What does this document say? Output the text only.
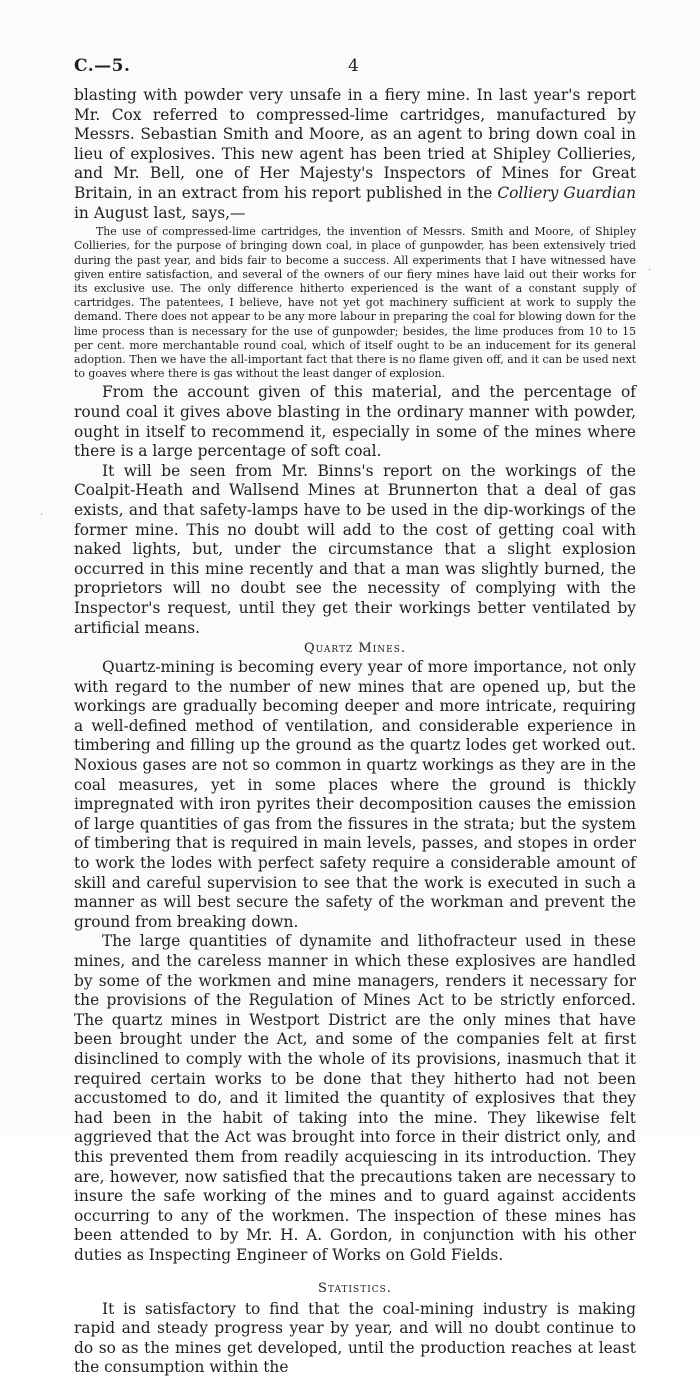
C.—5.	4

blasting with powder very unsafe in a fiery mine. In last year's report Mr. Cox referred to compressed-lime cartridges, manufactured by Messrs. Sebastian Smith and Moore, as an agent to bring down coal in lieu of explosives. This new agent has been tried at Shipley Collieries, and Mr. Bell, one of Her Majesty's Inspectors of Mines for Great Britain, in an extract from his report published in the Colliery Guardian in August last, says,—

The use of compressed-lime cartridges, the invention of Messrs. Smith and Moore, of Shipley Collieries, for the purpose of bringing down coal, in place of gunpowder, has been extensively tried during the past year, and bids fair to become a success. All experiments that I have witnessed have given entire satisfaction, and several of the owners of our fiery mines have laid out their works for its exclusive use. The only difference hitherto experienced is the want of a constant supply of cartridges. The patentees, I believe, have not yet got machinery sufficient at work to supply the demand. There does not appear to be any more labour in preparing the coal for blowing down for the lime process than is necessary for the use of gunpowder; besides, the lime produces from 10 to 15 per cent. more merchantable round coal, which of itself ought to be an inducement for its general adoption. Then we have the all-important fact that there is no flame given off, and it can be used next to goaves where there is gas without the least danger of explosion.

From the account given of this material, and the percentage of round coal it gives above blasting in the ordinary manner with powder, ought in itself to recommend it, especially in some of the mines where there is a large percentage of soft coal.

It will be seen from Mr. Binns's report on the workings of the Coalpit-Heath and Wallsend Mines at Brunnerton that a deal of gas exists, and that safety-lamps have to be used in the dip-workings of the former mine. This no doubt will add to the cost of getting coal with naked lights, but, under the circumstance that a slight explosion occurred in this mine recently and that a man was slightly burned, the proprietors will no doubt see the necessity of complying with the Inspector's request, until they get their workings better ventilated by artificial means.

Quartz Mines.

Quartz-mining is becoming every year of more importance, not only with regard to the number of new mines that are opened up, but the workings are gradually becoming deeper and more intricate, requiring a well-defined method of ventilation, and considerable experience in timbering and filling up the ground as the quartz lodes get worked out. Noxious gases are not so common in quartz workings as they are in the coal measures, yet in some places where the ground is thickly impregnated with iron pyrites their decomposition causes the emission of large quantities of gas from the fissures in the strata; but the system of timbering that is required in main levels, passes, and stopes in order to work the lodes with perfect safety require a considerable amount of skill and careful supervision to see that the work is executed in such a manner as will best secure the safety of the workman and prevent the ground from breaking down.

The large quantities of dynamite and lithofracteur used in these mines, and the careless manner in which these explosives are handled by some of the workmen and mine managers, renders it necessary for the provisions of the Regulation of Mines Act to be strictly enforced. The quartz mines in Westport District are the only mines that have been brought under the Act, and some of the companies felt at first disinclined to comply with the whole of its provisions, inasmuch that it required certain works to be done that they hitherto had not been accustomed to do, and it limited the quantity of explosives that they had been in the habit of taking into the mine. They likewise felt aggrieved that the Act was brought into force in their district only, and this prevented them from readily acquiescing in its introduction. They are, however, now satisfied that the precautions taken are necessary to insure the safe working of the mines and to guard against accidents occurring to any of the workmen. The inspection of these mines has been attended to by Mr. H. A. Gordon, in conjunction with his other duties as Inspecting Engineer of Works on Gold Fields.

Statistics.

It is satisfactory to find that the coal-mining industry is making rapid and steady progress year by year, and will no doubt continue to do so as the mines get developed, until the production reaches at least the consumption within the

·
·
